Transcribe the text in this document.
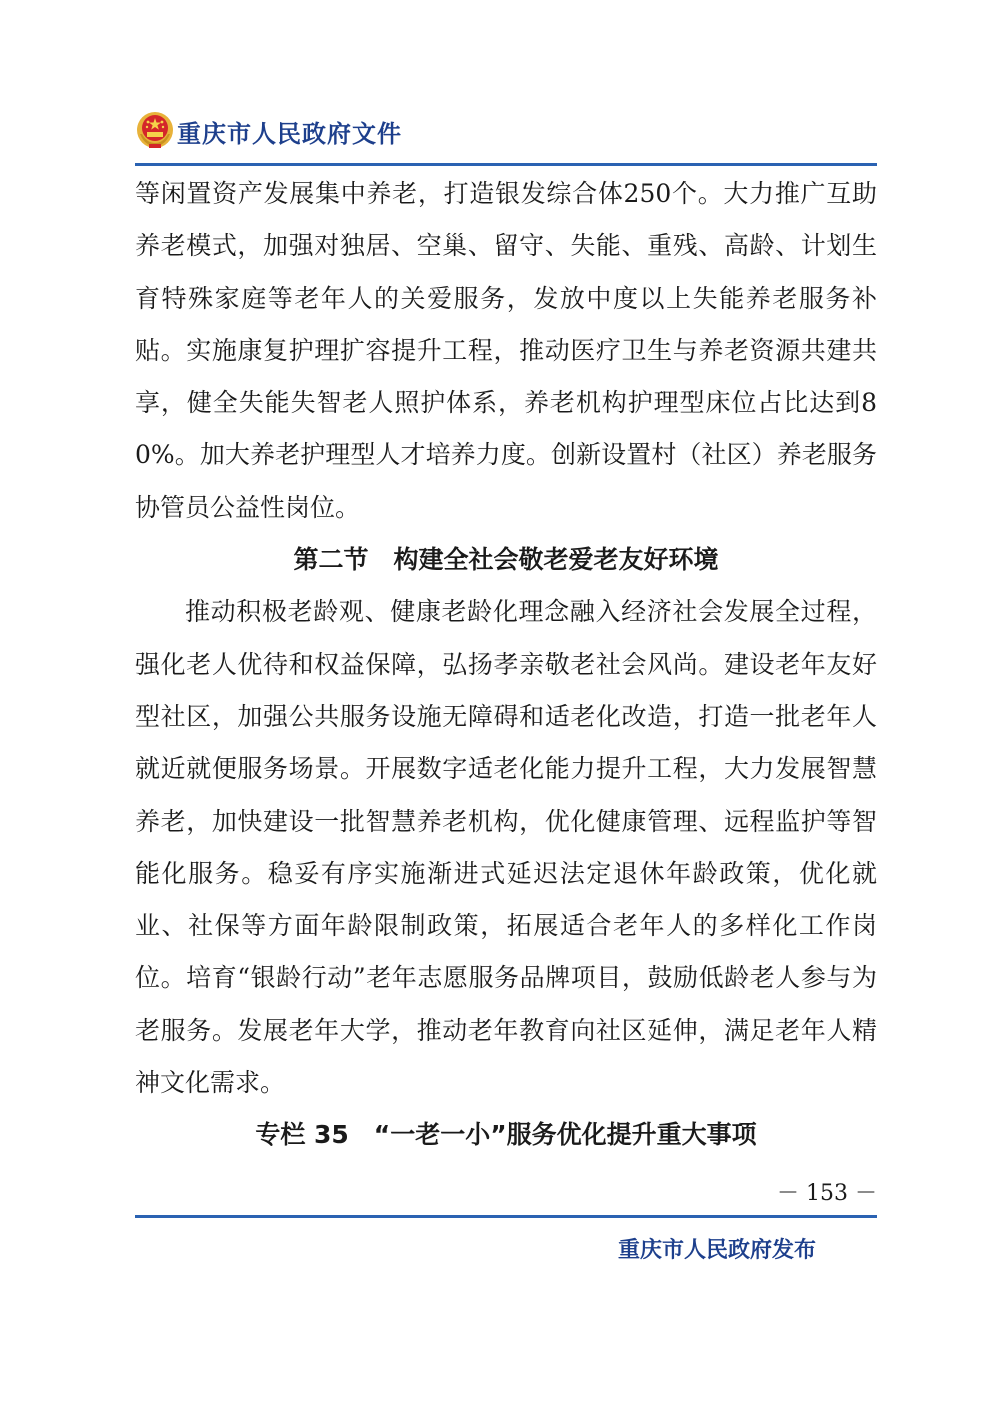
重庆市人民政府文件

等闲置资产发展集中养老，打造银发综合体250个。大力推广互助养老模式，加强对独居、空巢、留守、失能、重残、高龄、计划生育特殊家庭等老年人的关爱服务，发放中度以上失能养老服务补贴。实施康复护理扩容提升工程，推动医疗卫生与养老资源共建共享，健全失能失智老人照护体系，养老机构护理型床位占比达到80%。加大养老护理型人才培养力度。创新设置村（社区）养老服务协管员公益性岗位。

第二节　构建全社会敬老爱老友好环境

推动积极老龄观、健康老龄化理念融入经济社会发展全过程，强化老人优待和权益保障，弘扬孝亲敬老社会风尚。建设老年友好型社区，加强公共服务设施无障碍和适老化改造，打造一批老年人就近就便服务场景。开展数字适老化能力提升工程，大力发展智慧养老，加快建设一批智慧养老机构，优化健康管理、远程监护等智能化服务。稳妥有序实施渐进式延迟法定退休年龄政策，优化就业、社保等方面年龄限制政策，拓展适合老年人的多样化工作岗位。培育“银龄行动”老年志愿服务品牌项目，鼓励低龄老人参与为老服务。发展老年大学，推动老年教育向社区延伸，满足老年人精神文化需求。

专栏 35　“一老一小”服务优化提升重大事项

－ 153 －
重庆市人民政府发布
